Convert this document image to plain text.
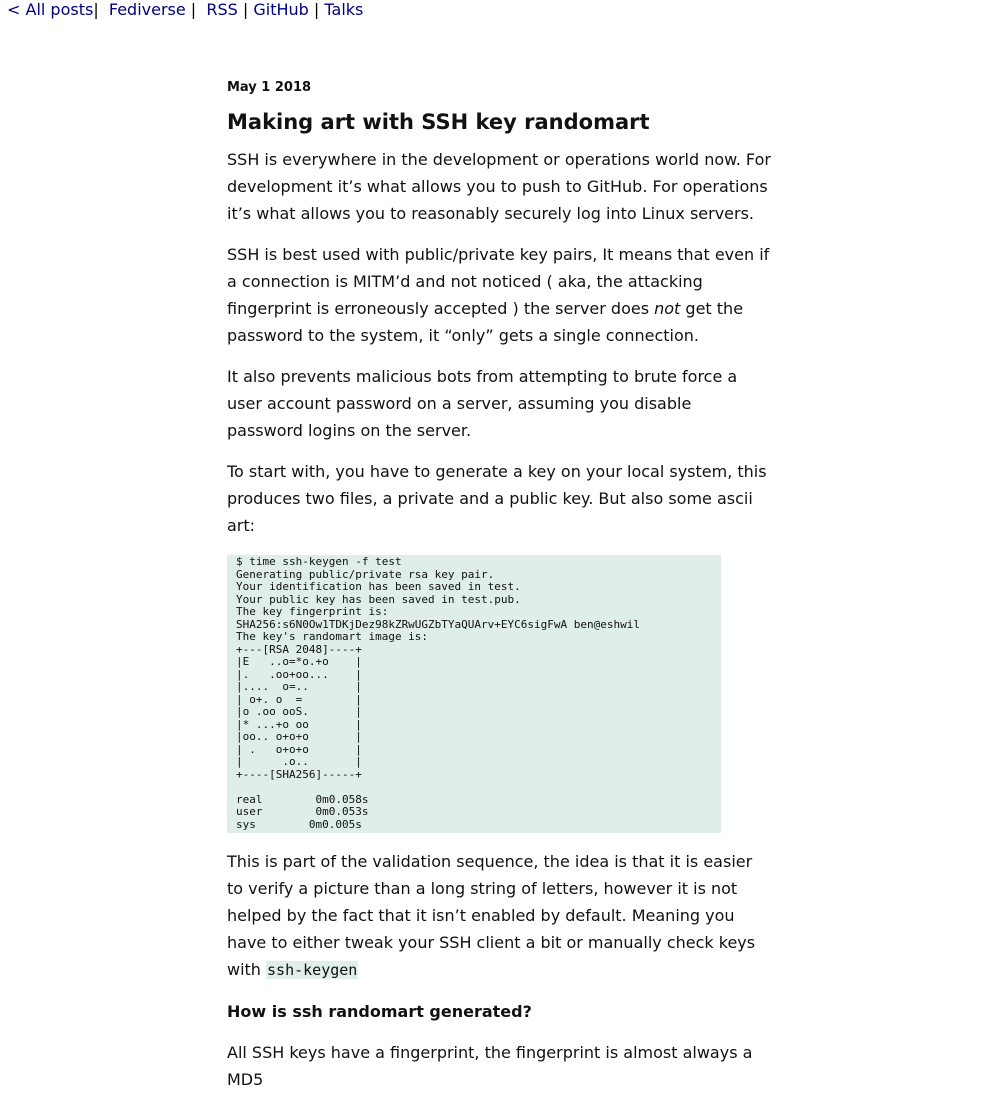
< All posts|  Fediverse |  RSS | GitHub | Talks

May 1 2018

Making art with SSH key randomart

SSH is everywhere in the development or operations world now. For development it’s what allows you to push to GitHub. For operations it’s what allows you to reasonably securely log into Linux servers.

SSH is best used with public/private key pairs, It means that even if a connection is MITM’d and not noticed ( aka, the attacking fingerprint is erroneously accepted ) the server does not get the password to the system, it “only” gets a single connection.

It also prevents malicious bots from attempting to brute force a user account password on a server, assuming you disable password logins on the server.

To start with, you have to generate a key on your local system, this produces two files, a private and a public key. But also some ascii art:

$ time ssh-keygen -f test
Generating public/private rsa key pair.
Your identification has been saved in test.
Your public key has been saved in test.pub.
The key fingerprint is:
SHA256:s6N0Ow1TDKjDez98kZRwUGZbTYaQUArv+EYC6sigFwA ben@eshwil
The key's randomart image is:
+---[RSA 2048]----+
|E   ..o=*o.+o    |
|.   .oo+oo...    |
|....  o=..       |
| o+. o  =        |
|o .oo ooS.       |
|* ...+o oo       |
|oo.. o+o+o       |
| .   o+o+o       |
|      .o..       |
+----[SHA256]-----+

real        0m0.058s
user        0m0.053s
sys        0m0.005s

This is part of the validation sequence, the idea is that it is easier to verify a picture than a long string of letters, however it is not helped by the fact that it isn’t enabled by default. Meaning you have to either tweak your SSH client a bit or manually check keys with ssh-keygen

How is ssh randomart generated?

All SSH keys have a fingerprint, the fingerprint is almost always a MD5
